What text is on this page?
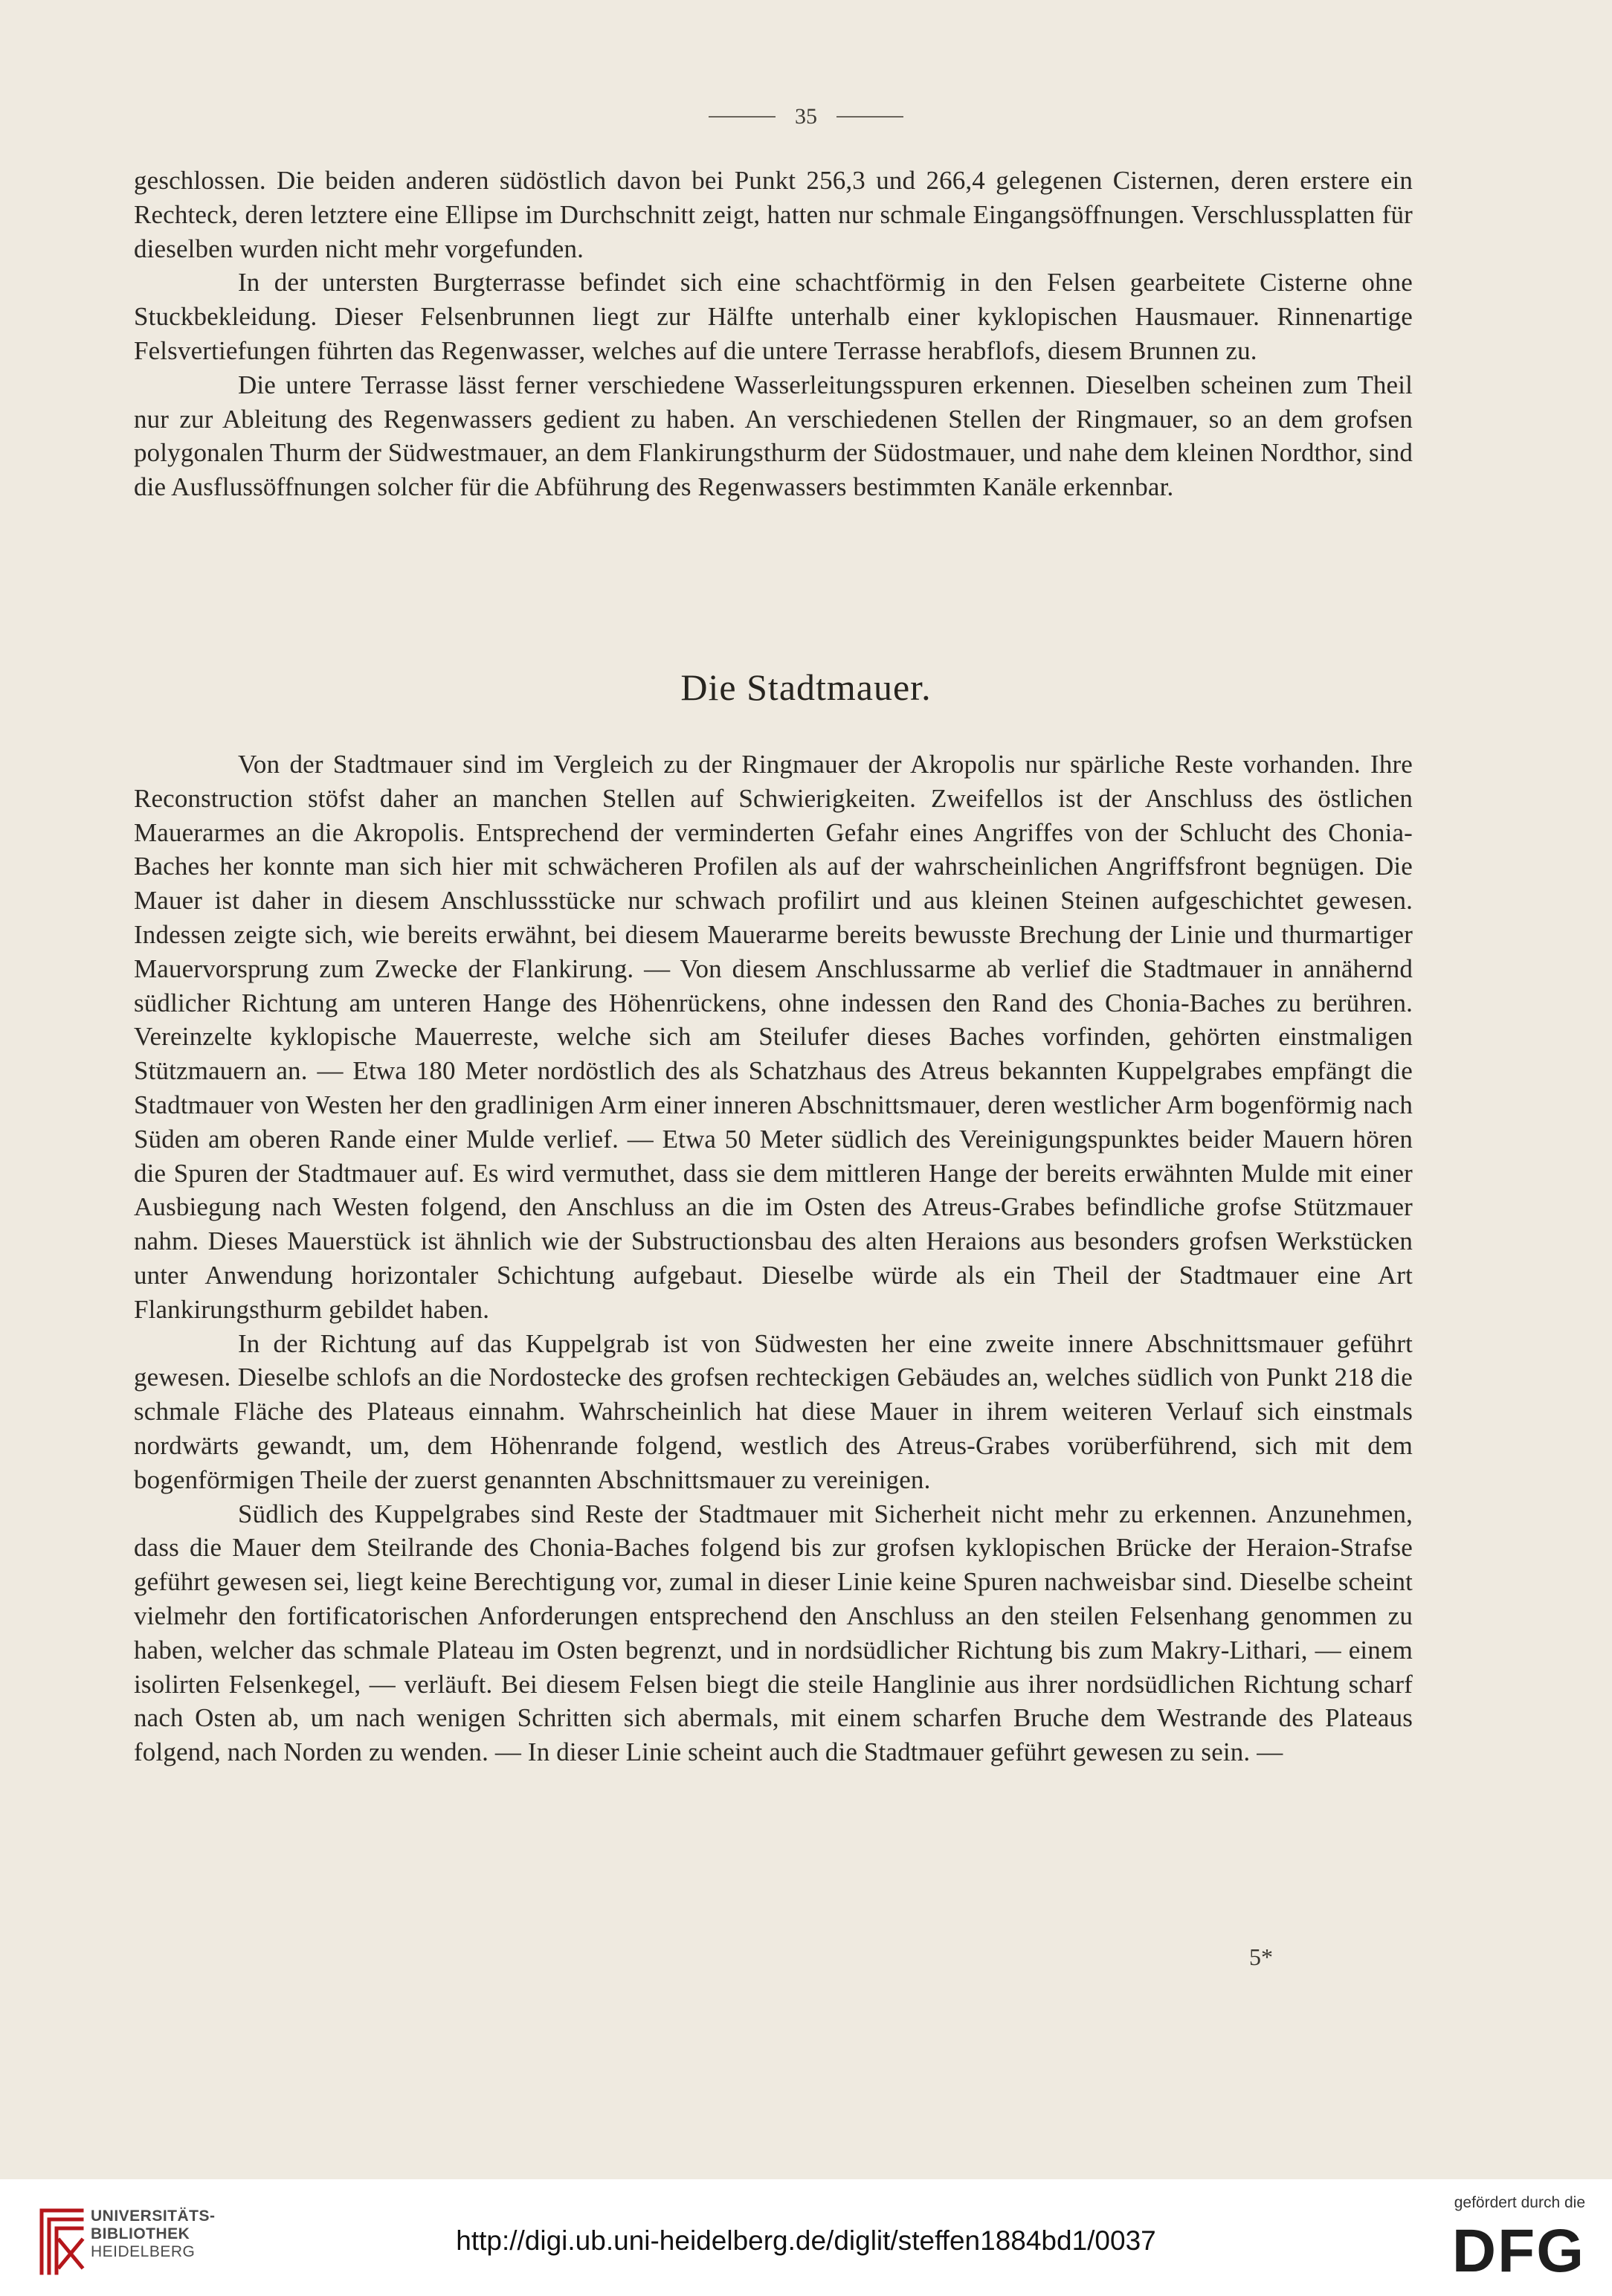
35

geschlossen. Die beiden anderen südöstlich davon bei Punkt 256,3 und 266,4 gelegenen Cisternen, deren erstere ein Rechteck, deren letztere eine Ellipse im Durchschnitt zeigt, hatten nur schmale Eingangsöffnungen. Verschlussplatten für dieselben wurden nicht mehr vorgefunden.

In der untersten Burgterrasse befindet sich eine schachtförmig in den Felsen gearbeitete Cisterne ohne Stuckbekleidung. Dieser Felsenbrunnen liegt zur Hälfte unterhalb einer kyklopischen Hausmauer. Rinnenartige Felsvertiefungen führten das Regenwasser, welches auf die untere Terrasse herabflofs, diesem Brunnen zu.

Die untere Terrasse lässt ferner verschiedene Wasserleitungsspuren erkennen. Dieselben scheinen zum Theil nur zur Ableitung des Regenwassers gedient zu haben. An verschiedenen Stellen der Ringmauer, so an dem grofsen polygonalen Thurm der Südwestmauer, an dem Flankirungsthurm der Südostmauer, und nahe dem kleinen Nordthor, sind die Ausflussöffnungen solcher für die Abführung des Regenwassers bestimmten Kanäle erkennbar.

Die Stadtmauer.

Von der Stadtmauer sind im Vergleich zu der Ringmauer der Akropolis nur spärliche Reste vorhanden. Ihre Reconstruction stöfst daher an manchen Stellen auf Schwierigkeiten. Zweifellos ist der Anschluss des östlichen Mauerarmes an die Akropolis. Entsprechend der verminderten Gefahr eines Angriffes von der Schlucht des Chonia-Baches her konnte man sich hier mit schwächeren Profilen als auf der wahrscheinlichen Angriffsfront begnügen. Die Mauer ist daher in diesem Anschlussstücke nur schwach profilirt und aus kleinen Steinen aufgeschichtet gewesen. Indessen zeigte sich, wie bereits erwähnt, bei diesem Mauerarme bereits bewusste Brechung der Linie und thurmartiger Mauervorsprung zum Zwecke der Flankirung. — Von diesem Anschlussarme ab verlief die Stadtmauer in annähernd südlicher Richtung am unteren Hange des Höhenrückens, ohne indessen den Rand des Chonia-Baches zu berühren. Vereinzelte kyklopische Mauerreste, welche sich am Steilufer dieses Baches vorfinden, gehörten einstmaligen Stützmauern an. — Etwa 180 Meter nordöstlich des als Schatzhaus des Atreus bekannten Kuppelgrabes empfängt die Stadtmauer von Westen her den gradlinigen Arm einer inneren Abschnittsmauer, deren westlicher Arm bogenförmig nach Süden am oberen Rande einer Mulde verlief. — Etwa 50 Meter südlich des Vereinigungspunktes beider Mauern hören die Spuren der Stadtmauer auf. Es wird vermuthet, dass sie dem mittleren Hange der bereits erwähnten Mulde mit einer Ausbiegung nach Westen folgend, den Anschluss an die im Osten des Atreus-Grabes befindliche grofse Stützmauer nahm. Dieses Mauerstück ist ähnlich wie der Substructionsbau des alten Heraions aus besonders grofsen Werkstücken unter Anwendung horizontaler Schichtung aufgebaut. Dieselbe würde als ein Theil der Stadtmauer eine Art Flankirungsthurm gebildet haben.

In der Richtung auf das Kuppelgrab ist von Südwesten her eine zweite innere Abschnittsmauer geführt gewesen. Dieselbe schlofs an die Nordostecke des grofsen rechteckigen Gebäudes an, welches südlich von Punkt 218 die schmale Fläche des Plateaus einnahm. Wahrscheinlich hat diese Mauer in ihrem weiteren Verlauf sich einstmals nordwärts gewandt, um, dem Höhenrande folgend, westlich des Atreus-Grabes vorüberführend, sich mit dem bogenförmigen Theile der zuerst genannten Abschnittsmauer zu vereinigen.

Südlich des Kuppelgrabes sind Reste der Stadtmauer mit Sicherheit nicht mehr zu erkennen. Anzunehmen, dass die Mauer dem Steilrande des Chonia-Baches folgend bis zur grofsen kyklopischen Brücke der Heraion-Strafse geführt gewesen sei, liegt keine Berechtigung vor, zumal in dieser Linie keine Spuren nachweisbar sind. Dieselbe scheint vielmehr den fortificatorischen Anforderungen entsprechend den Anschluss an den steilen Felsenhang genommen zu haben, welcher das schmale Plateau im Osten begrenzt, und in nordsüdlicher Richtung bis zum Makry-Lithari, — einem isolirten Felsenkegel, — verläuft. Bei diesem Felsen biegt die steile Hanglinie aus ihrer nordsüdlichen Richtung scharf nach Osten ab, um nach wenigen Schritten sich abermals, mit einem scharfen Bruche dem Westrande des Plateaus folgend, nach Norden zu wenden. — In dieser Linie scheint auch die Stadtmauer geführt gewesen zu sein. —

5*
UNIVERSITÄTS-
BIBLIOTHEK
HEIDELBERG	http://digi.ub.uni-heidelberg.de/diglit/steffen1884bd1/0037
gefördert durch die
DFG
